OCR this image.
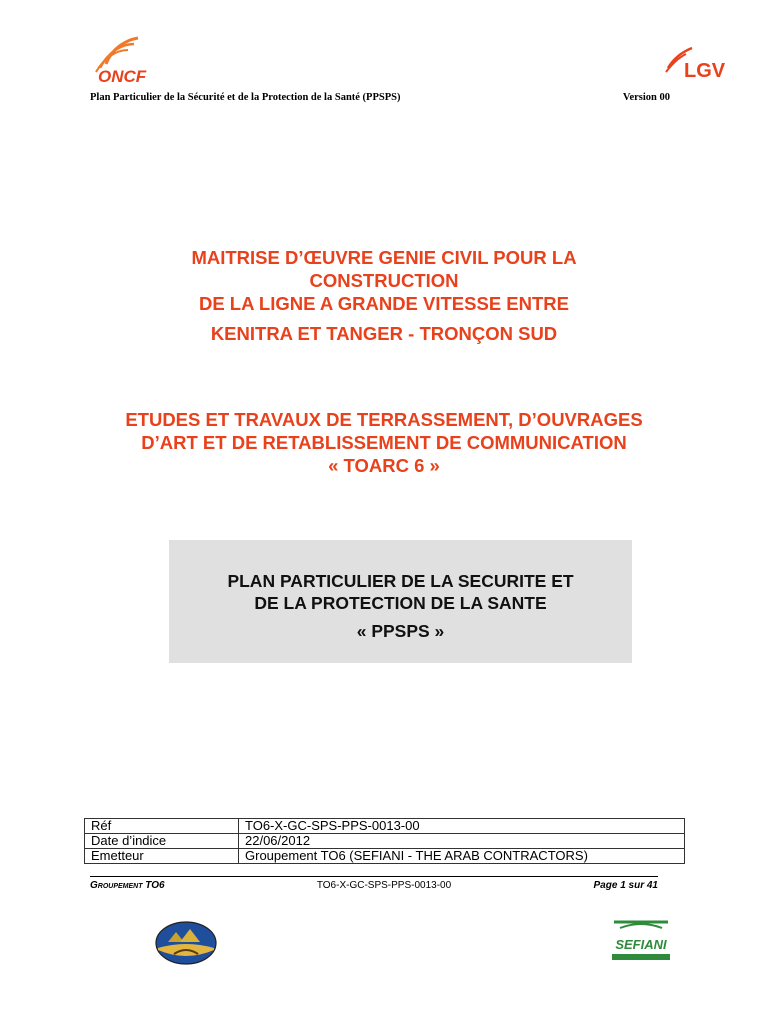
ONCF	LGV
Plan Particulier de la Sécurité et de la Protection de la Santé (PPSPS)	Version 00
MAITRISE D’ŒUVRE GENIE CIVIL POUR LA
CONSTRUCTION
DE LA LIGNE A GRANDE VITESSE ENTRE
KENITRA ET TANGER - TRONÇON SUD
ETUDES ET TRAVAUX DE TERRASSEMENT, D’OUVRAGES
D’ART ET DE RETABLISSEMENT DE COMMUNICATION
« TOARC 6 »
PLAN PARTICULIER DE LA SECURITE ET
DE LA PROTECTION DE LA SANTE
« PPSPS »
Réf	TO6-X-GC-SPS-PPS-0013-00
Date d’indice	22/06/2012
Emetteur	Groupement TO6 (SEFIANI - THE ARAB CONTRACTORS)
Groupement TO6	TO6-X-GC-SPS-PPS-0013-00	Page 1 sur 41
SEFIANI
